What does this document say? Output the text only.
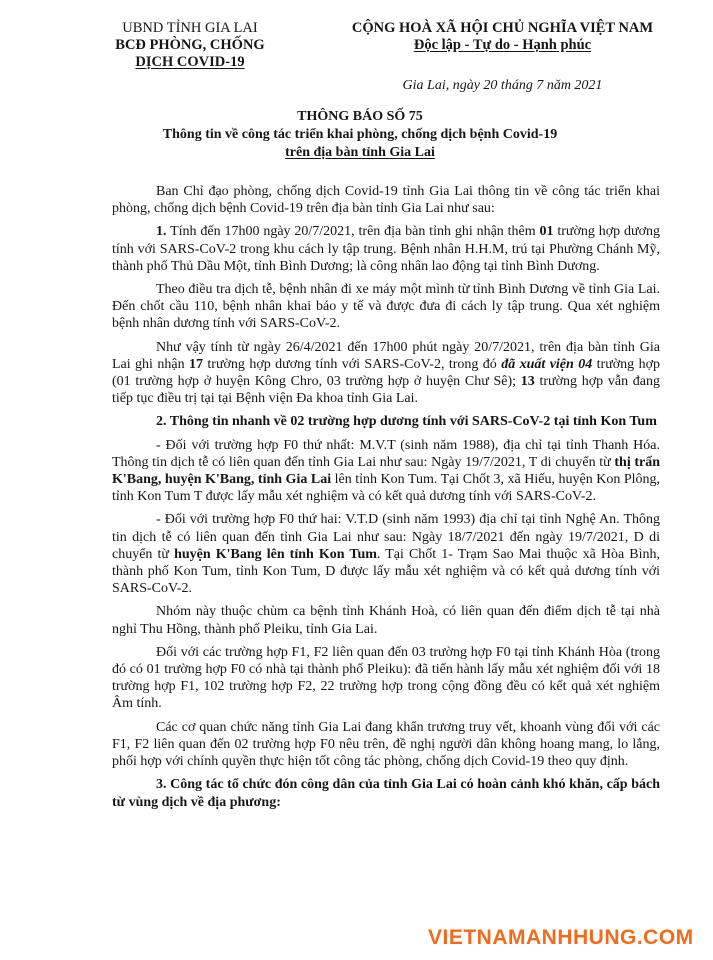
UBND TỈNH GIA LAI
BCĐ PHÒNG, CHỐNG
DỊCH COVID-19
CỘNG HOÀ XÃ HỘI CHỦ NGHĨA VIỆT NAM
Độc lập - Tự do - Hạnh phúc
Gia Lai, ngày 20 tháng 7 năm 2021
THÔNG BÁO SỐ 75
Thông tin về công tác triển khai phòng, chống dịch bệnh Covid-19
trên địa bàn tỉnh Gia Lai

Ban Chỉ đạo phòng, chống dịch Covid-19 tỉnh Gia Lai thông tin về công tác triển khai phòng, chống dịch bệnh Covid-19 trên địa bàn tỉnh Gia Lai như sau:

1. Tính đến 17h00 ngày 20/7/2021, trên địa bàn tỉnh ghi nhận thêm 01 trường hợp dương tính với SARS-CoV-2 trong khu cách ly tập trung. Bệnh nhân H.H.M, trú tại Phường Chánh Mỹ, thành phố Thủ Dầu Một, tỉnh Bình Dương; là công nhân lao động tại tỉnh Bình Dương.

Theo điều tra dịch tễ, bệnh nhân đi xe máy một mình từ tỉnh Bình Dương về tỉnh Gia Lai. Đến chốt cầu 110, bệnh nhân khai báo y tế và được đưa đi cách ly tập trung. Qua xét nghiệm bệnh nhân dương tính với SARS-CoV-2.

Như vậy tính từ ngày 26/4/2021 đến 17h00 phút ngày 20/7/2021, trên địa bàn tỉnh Gia Lai ghi nhận 17 trường hợp dương tính với SARS-CoV-2, trong đó đã xuất viện 04 trường hợp (01 trường hợp ở huyện Kông Chro, 03 trường hợp ở huyện Chư Sê); 13 trường hợp vẫn đang tiếp tục điều trị tại tại Bệnh viện Đa khoa tỉnh Gia Lai.

2. Thông tin nhanh về 02 trường hợp dương tính với SARS-CoV-2 tại tỉnh Kon Tum

- Đối với trường hợp F0 thứ nhất: M.V.T (sinh năm 1988), địa chỉ tại tỉnh Thanh Hóa. Thông tin dịch tễ có liên quan đến tỉnh Gia Lai như sau: Ngày 19/7/2021, T di chuyển từ thị trấn K'Bang, huyện K'Bang, tỉnh Gia Lai lên tỉnh Kon Tum. Tại Chốt 3, xã Hiếu, huyện Kon Plông, tỉnh Kon Tum T được lấy mẫu xét nghiệm và có kết quả dương tính với SARS-CoV-2.

- Đối với trường hợp F0 thứ hai: V.T.D (sinh năm 1993) địa chỉ tại tỉnh Nghệ An. Thông tin dịch tễ có liên quan đến tỉnh Gia Lai như sau: Ngày 18/7/2021 đến ngày 19/7/2021, D di chuyển từ huyện K'Bang lên tỉnh Kon Tum. Tại Chốt 1- Trạm Sao Mai thuộc xã Hòa Bình, thành phố Kon Tum, tỉnh Kon Tum, D được lấy mẫu xét nghiệm và có kết quả dương tính với SARS-CoV-2.

Nhóm này thuộc chùm ca bệnh tỉnh Khánh Hoà, có liên quan đến điểm dịch tễ tại nhà nghỉ Thu Hồng, thành phố Pleiku, tỉnh Gia Lai.

Đối với các trường hợp F1, F2 liên quan đến 03 trường hợp F0 tại tỉnh Khánh Hòa (trong đó có 01 trường hợp F0 có nhà tại thành phố Pleiku): đã tiến hành lấy mẫu xét nghiệm đối với 18 trường hợp F1, 102 trường hợp F2, 22 trường hợp trong cộng đồng đều có kết quả xét nghiệm Âm tính.

Các cơ quan chức năng tỉnh Gia Lai đang khẩn trương truy vết, khoanh vùng đối với các F1, F2 liên quan đến 02 trường hợp F0 nêu trên, đề nghị người dân không hoang mang, lo lắng, phối hợp với chính quyền thực hiện tốt công tác phòng, chống dịch Covid-19 theo quy định.

3. Công tác tổ chức đón công dân của tỉnh Gia Lai có hoàn cảnh khó khăn, cấp bách từ vùng dịch về địa phương:

VIETNAMANHHUNG.COM
